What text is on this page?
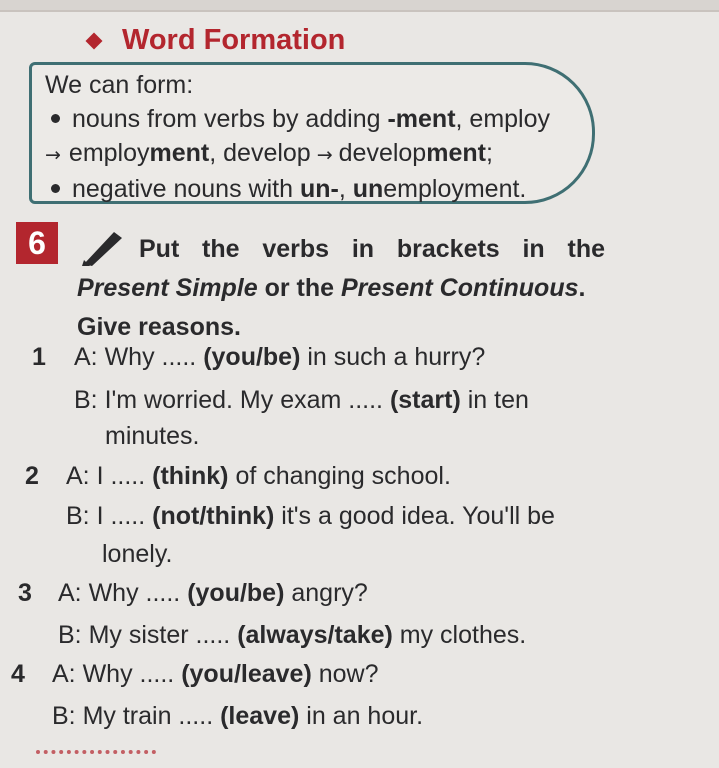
Word Formation
We can form:
nouns from verbs by adding -ment, employ
→ employment, develop → development;
negative nouns with un-, unemployment.
6	Put the verbs in brackets in the
Present Simple or the Present Continuous.
Give reasons.
1 A: Why ..... (you/be) in such a hurry?
B: I'm worried. My exam ..... (start) in ten
minutes.
2 A: I ..... (think) of changing school.
B: I ..... (not/think) it's a good idea. You'll be
lonely.
3 A: Why ..... (you/be) angry?
B: My sister ..... (always/take) my clothes.
4 A: Why ..... (you/leave) now?
B: My train ..... (leave) in an hour.
